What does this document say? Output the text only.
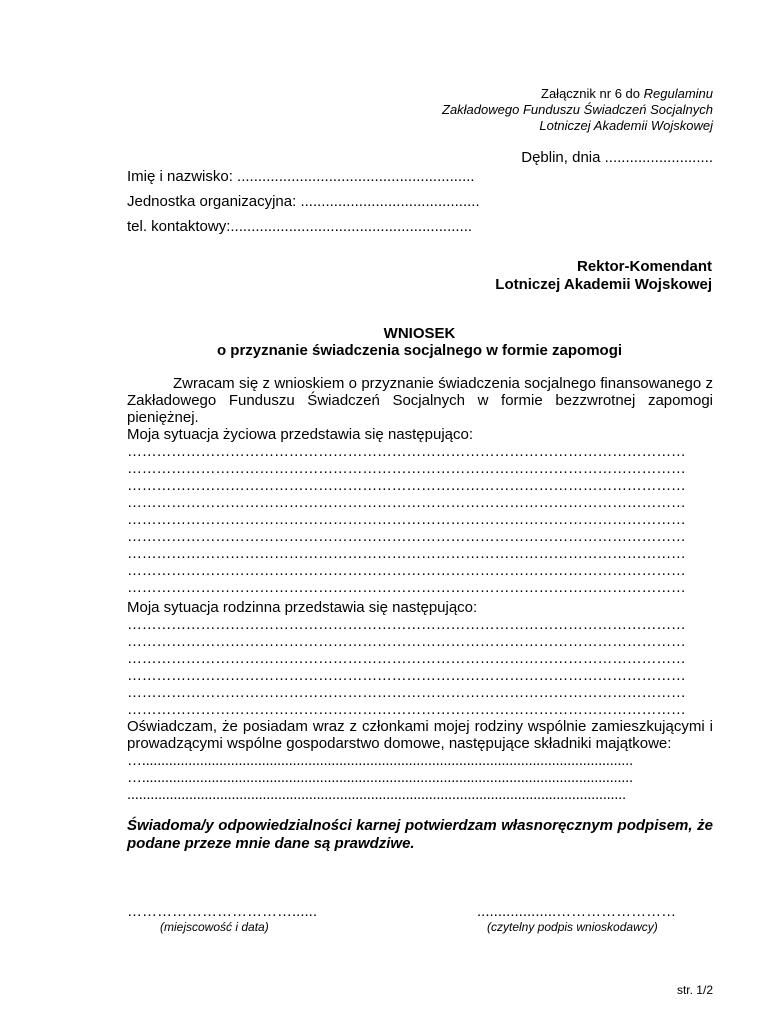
Załącznik nr 6 do Regulaminu
Zakładowego Funduszu Świadczeń Socjalnych
Lotniczej Akademii Wojskowej
Dęblin, dnia ..........................
Imię i nazwisko: .........................................................
Jednostka organizacyjna: ...........................................
tel. kontaktowy:..........................................................
Rektor-Komendant
Lotniczej Akademii Wojskowej
WNIOSEK
o przyznanie świadczenia socjalnego w formie zapomogi
Zwracam się z wnioskiem o przyznanie świadczenia socjalnego finansowanego z Zakładowego Funduszu Świadczeń Socjalnych w formie bezzwrotnej zapomogi pieniężnej.
Moja sytuacja życiowa przedstawia się następująco:
……………………………………………………………………………………………………
……………………………………………………………………………………………………
……………………………………………………………………………………………………
……………………………………………………………………………………………………
……………………………………………………………………………………………………
……………………………………………………………………………………………………
……………………………………………………………………………………………………
……………………………………………………………………………………………………
……………………………………………………………………………………………………
Moja sytuacja rodzinna przedstawia się następująco:
……………………………………………………………………………………………………
……………………………………………………………………………………………………
……………………………………………………………………………………………………
……………………………………………………………………………………………………
……………………………………………………………………………………………………
……………………………………………………………………………………………………
Oświadczam, że posiadam wraz z członkami mojej rodziny wspólnie zamieszkującymi i prowadzącymi wspólne gospodarstwo domowe, następujące składniki majątkowe:
…...............................................................................................................................
…...............................................................................................................................
.................................................................................................................................
Świadoma/y odpowiedzialności karnej potwierdzam własnoręcznym podpisem, że podane przeze mnie dane są prawdziwe.
……………………………......
(miejscowość i data)
...................……………………
(czytelny podpis wnioskodawcy)
str. 1/2
